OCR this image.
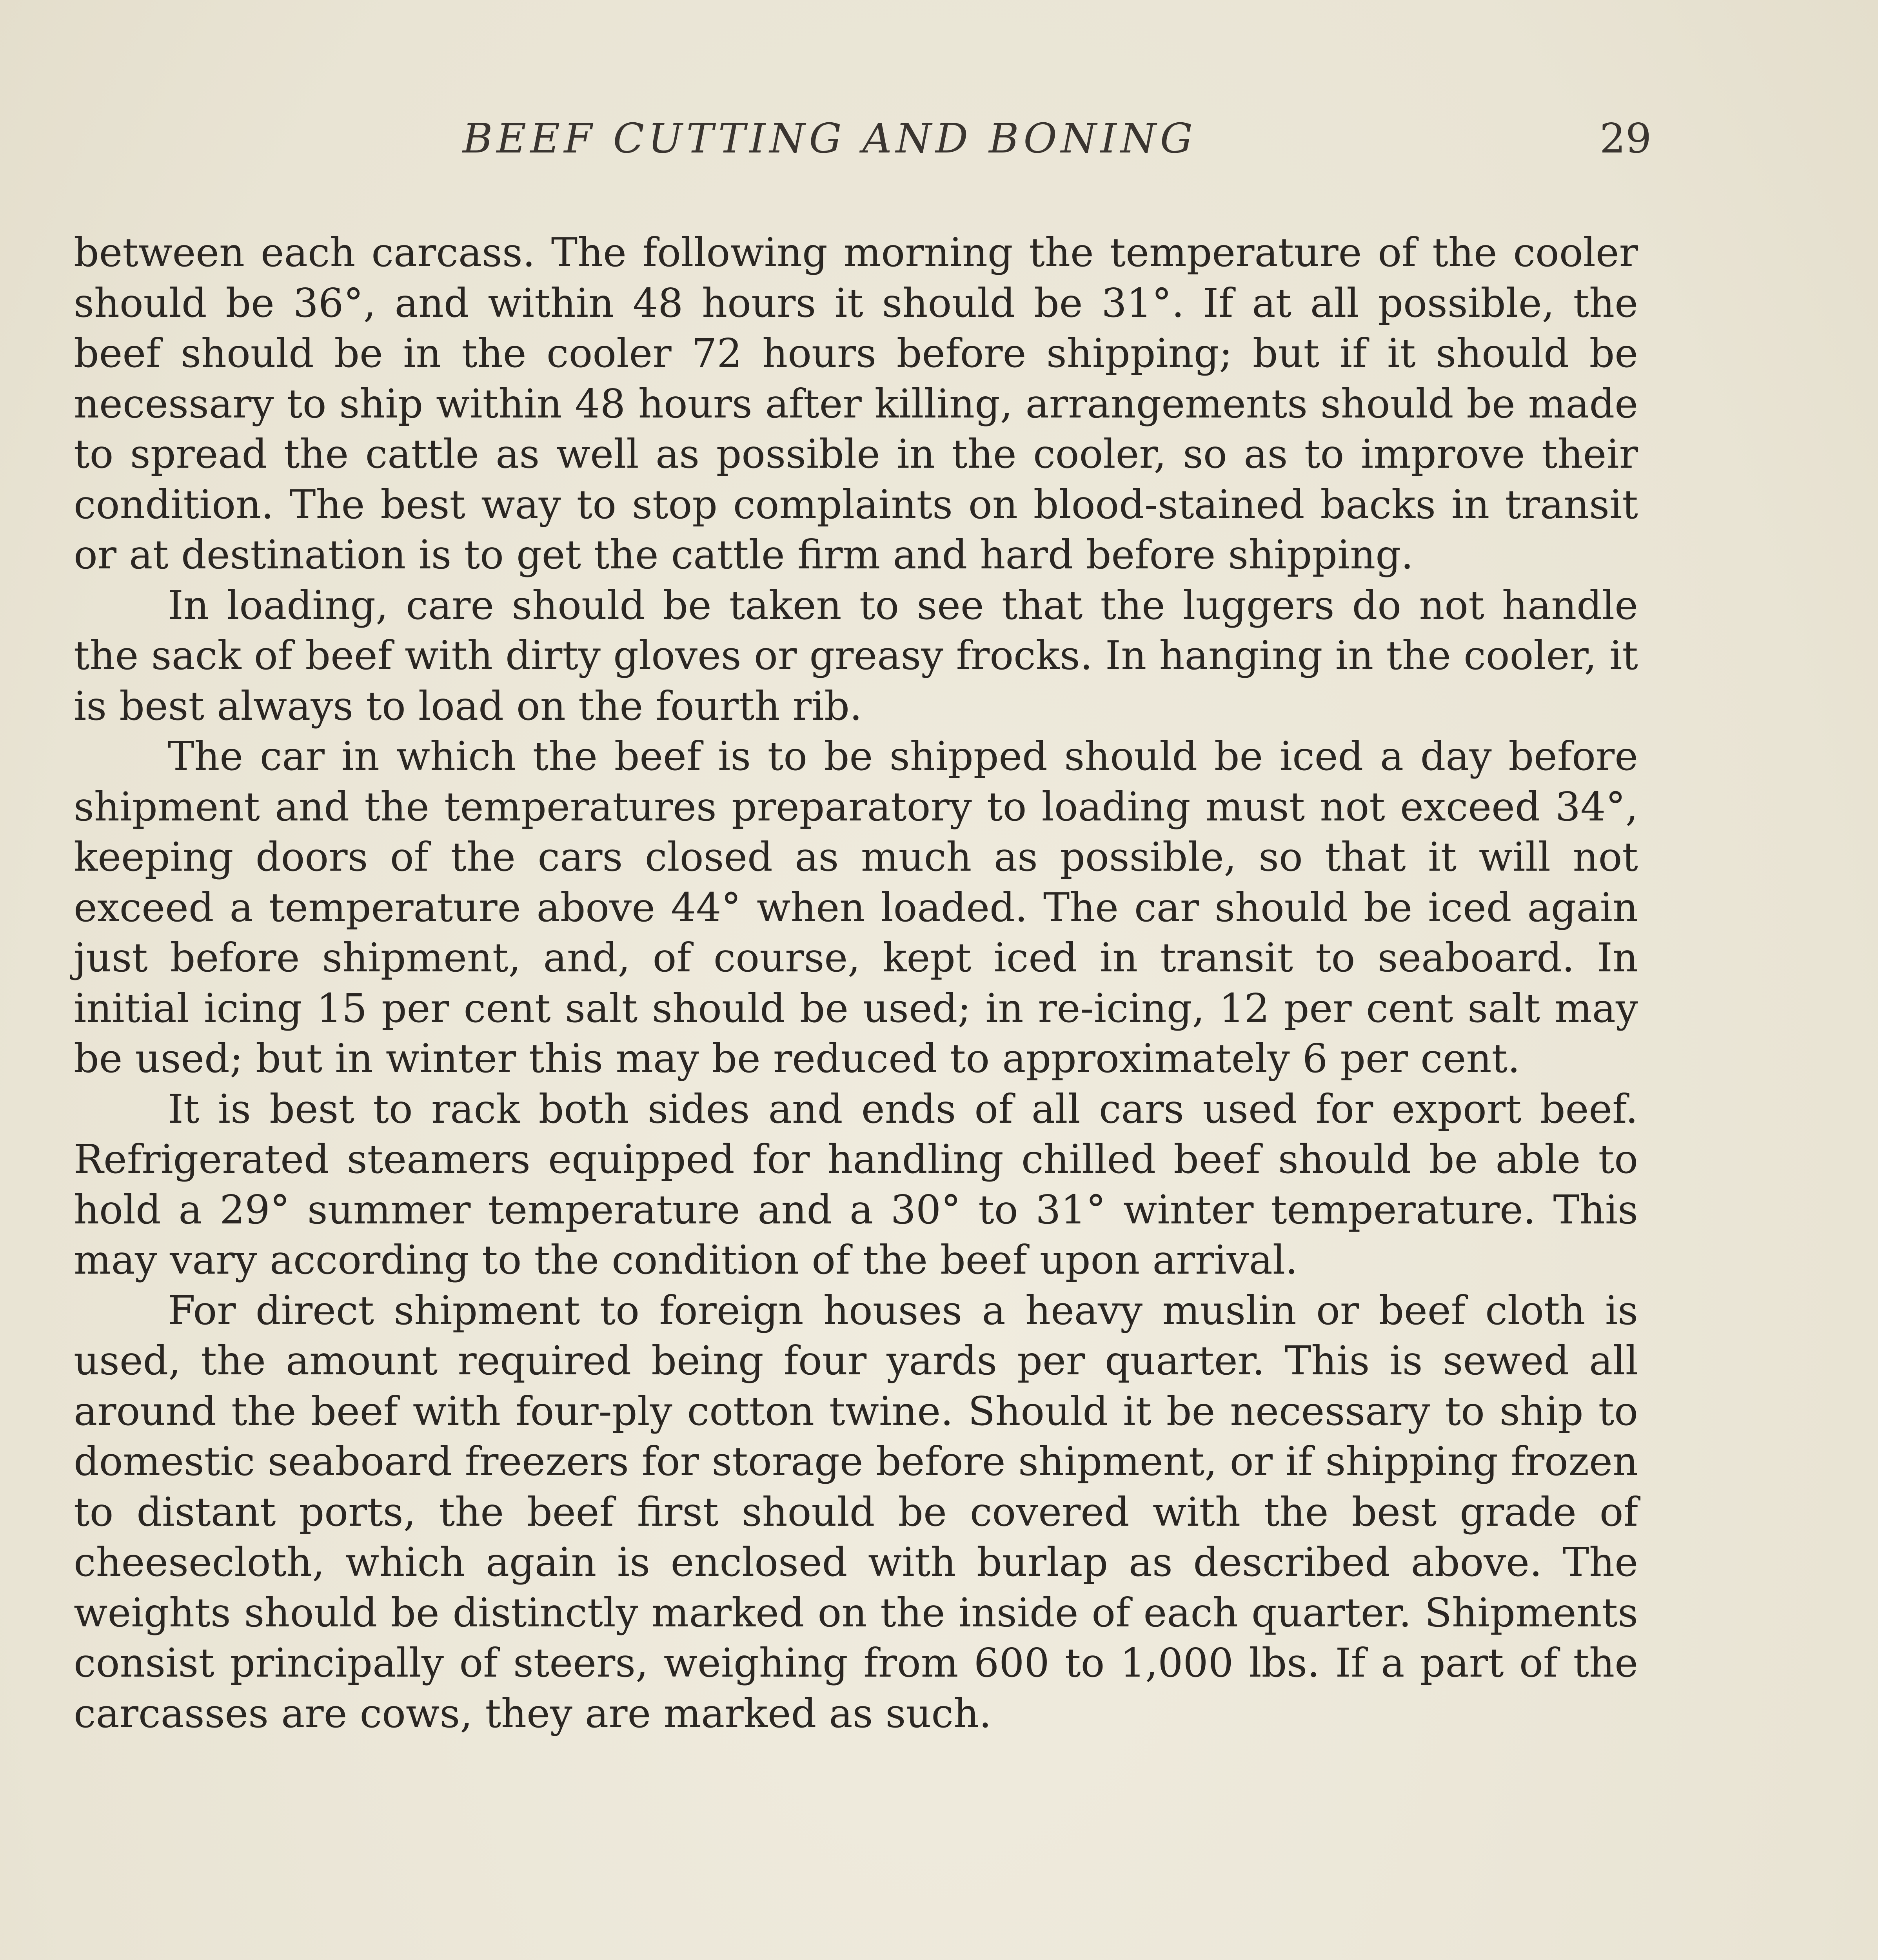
BEEF CUTTING AND BONING	29

between each carcass. The following morning the temperature of the cooler should be 36°, and within 48 hours it should be 31°. If at all possible, the beef should be in the cooler 72 hours before shipping; but if it should be necessary to ship within 48 hours after killing, arrangements should be made to spread the cattle as well as possible in the cooler, so as to improve their condition. The best way to stop complaints on blood-stained backs in transit or at destination is to get the cattle firm and hard before shipping.

In loading, care should be taken to see that the luggers do not handle the sack of beef with dirty gloves or greasy frocks. In hanging in the cooler, it is best always to load on the fourth rib.

The car in which the beef is to be shipped should be iced a day before shipment and the temperatures preparatory to loading must not exceed 34°, keeping doors of the cars closed as much as possible, so that it will not exceed a temperature above 44° when loaded. The car should be iced again just before shipment, and, of course, kept iced in transit to seaboard. In initial icing 15 per cent salt should be used; in re-icing, 12 per cent salt may be used; but in winter this may be reduced to approximately 6 per cent.

It is best to rack both sides and ends of all cars used for export beef. Refrigerated steamers equipped for handling chilled beef should be able to hold a 29° summer temperature and a 30° to 31° winter temperature. This may vary according to the condition of the beef upon arrival.

For direct shipment to foreign houses a heavy muslin or beef cloth is used, the amount required being four yards per quarter. This is sewed all around the beef with four-ply cotton twine. Should it be necessary to ship to domestic seaboard freezers for storage before shipment, or if shipping frozen to distant ports, the beef first should be covered with the best grade of cheesecloth, which again is enclosed with burlap as described above. The weights should be distinctly marked on the inside of each quarter. Shipments consist principally of steers, weighing from 600 to 1,000 lbs. If a part of the carcasses are cows, they are marked as such.
